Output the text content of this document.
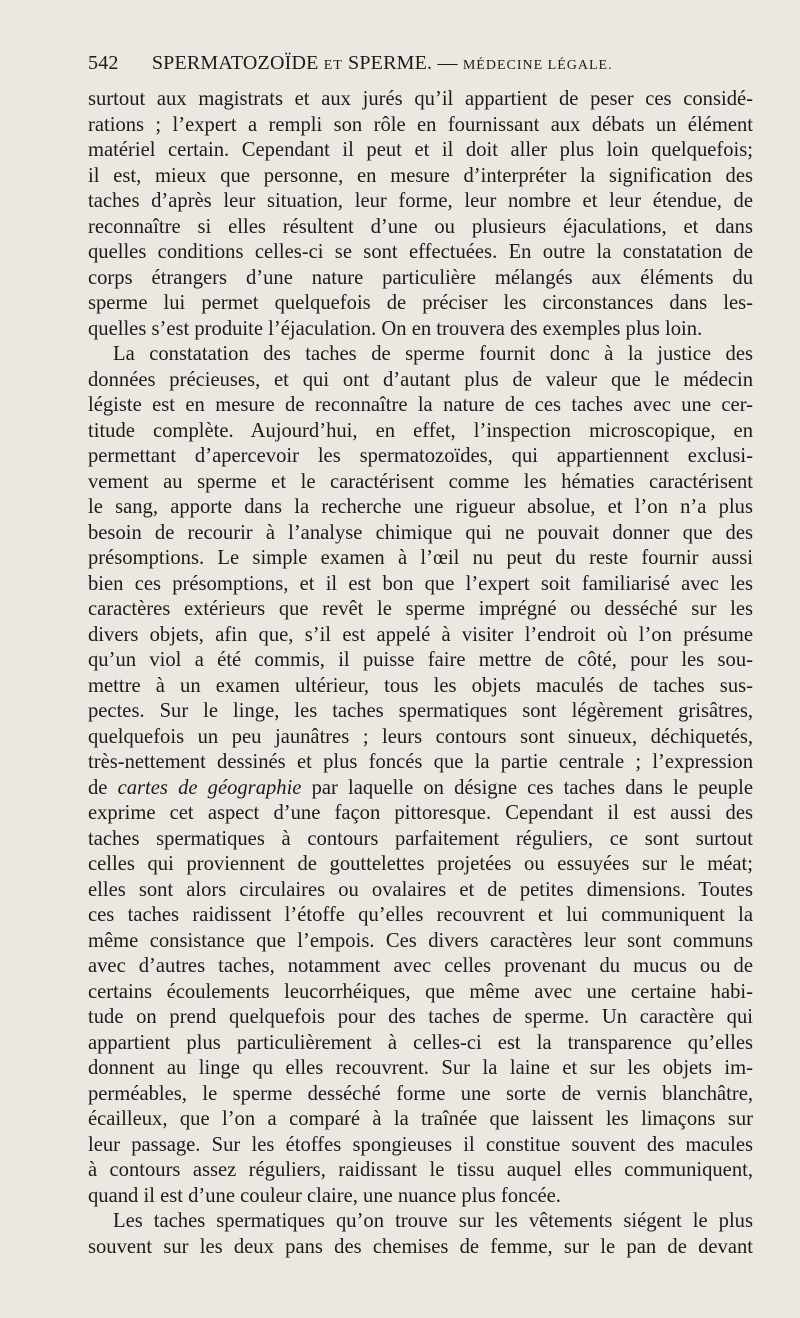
542 SPERMATOZOÏDE ET SPERME. — MÉDECINE LÉGALE.
surtout aux magistrats et aux jurés qu’il appartient de peser ces considé-
rations ; l’expert a rempli son rôle en fournissant aux débats un élément
matériel certain. Cependant il peut et il doit aller plus loin quelquefois;
il est, mieux que personne, en mesure d’interpréter la signification des
taches d’après leur situation, leur forme, leur nombre et leur étendue, de
reconnaître si elles résultent d’une ou plusieurs éjaculations, et dans
quelles conditions celles-ci se sont effectuées. En outre la constatation de
corps étrangers d’une nature particulière mélangés aux éléments du
sperme lui permet quelquefois de préciser les circonstances dans les-
quelles s’est produite l’éjaculation. On en trouvera des exemples plus loin.
La constatation des taches de sperme fournit donc à la justice des
données précieuses, et qui ont d’autant plus de valeur que le médecin
légiste est en mesure de reconnaître la nature de ces taches avec une cer-
titude complète. Aujourd’hui, en effet, l’inspection microscopique, en
permettant d’apercevoir les spermatozoïdes, qui appartiennent exclusi-
vement au sperme et le caractérisent comme les hématies caractérisent
le sang, apporte dans la recherche une rigueur absolue, et l’on n’a plus
besoin de recourir à l’analyse chimique qui ne pouvait donner que des
présomptions. Le simple examen à l’œil nu peut du reste fournir aussi
bien ces présomptions, et il est bon que l’expert soit familiarisé avec les
caractères extérieurs que revêt le sperme imprégné ou desséché sur les
divers objets, afin que, s’il est appelé à visiter l’endroit où l’on présume
qu’un viol a été commis, il puisse faire mettre de côté, pour les sou-
mettre à un examen ultérieur, tous les objets maculés de taches sus-
pectes. Sur le linge, les taches spermatiques sont légèrement grisâtres,
quelquefois un peu jaunâtres ; leurs contours sont sinueux, déchiquetés,
très-nettement dessinés et plus foncés que la partie centrale ; l’expression
de cartes de géographie par laquelle on désigne ces taches dans le peuple
exprime cet aspect d’une façon pittoresque. Cependant il est aussi des
taches spermatiques à contours parfaitement réguliers, ce sont surtout
celles qui proviennent de gouttelettes projetées ou essuyées sur le méat;
elles sont alors circulaires ou ovalaires et de petites dimensions. Toutes
ces taches raidissent l’étoffe qu’elles recouvrent et lui communiquent la
même consistance que l’empois. Ces divers caractères leur sont communs
avec d’autres taches, notamment avec celles provenant du mucus ou de
certains écoulements leucorrhéiques, que même avec une certaine habi-
tude on prend quelquefois pour des taches de sperme. Un caractère qui
appartient plus particulièrement à celles-ci est la transparence qu’elles
donnent au linge qu elles recouvrent. Sur la laine et sur les objets im-
perméables, le sperme desséché forme une sorte de vernis blanchâtre,
écailleux, que l’on a comparé à la traînée que laissent les limaçons sur
leur passage. Sur les étoffes spongieuses il constitue souvent des macules
à contours assez réguliers, raidissant le tissu auquel elles communiquent,
quand il est d’une couleur claire, une nuance plus foncée.
Les taches spermatiques qu’on trouve sur les vêtements siégent le plus
souvent sur les deux pans des chemises de femme, sur le pan de devant
